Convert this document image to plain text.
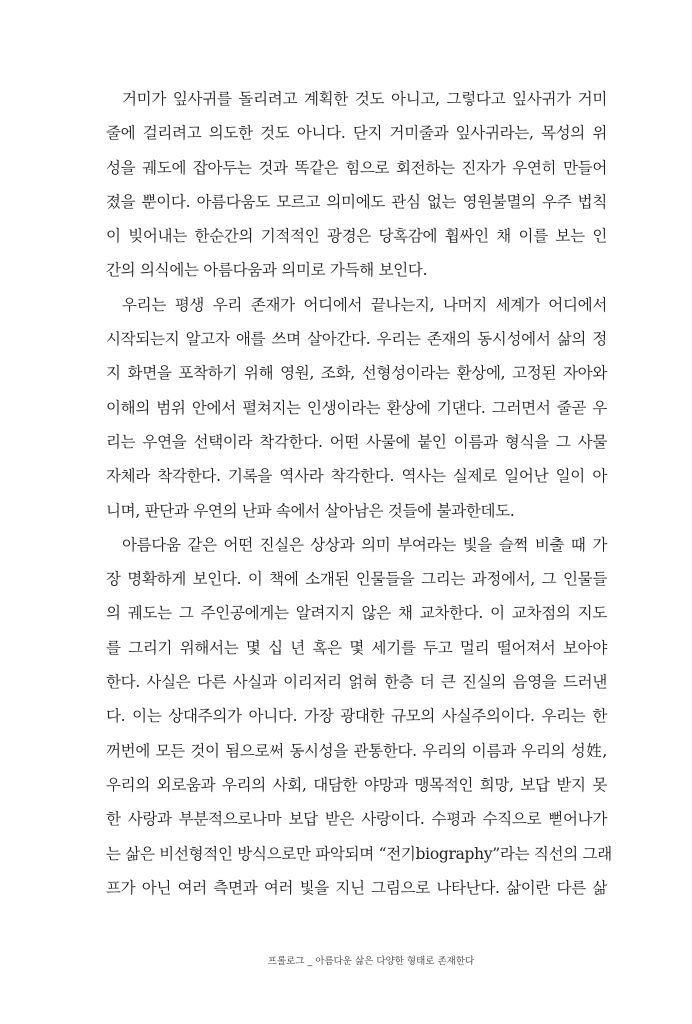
거미가 잎사귀를 돌리려고 계획한 것도 아니고, 그렇다고 잎사귀가 거미
줄에 걸리려고 의도한 것도 아니다. 단지 거미줄과 잎사귀라는, 목성의 위
성을 궤도에 잡아두는 것과 똑같은 힘으로 회전하는 진자가 우연히 만들어
졌을 뿐이다. 아름다움도 모르고 의미에도 관심 없는 영원불멸의 우주 법칙
이 빚어내는 한순간의 기적적인 광경은 당혹감에 휩싸인 채 이를 보는 인
간의 의식에는 아름다움과 의미로 가득해 보인다.
우리는 평생 우리 존재가 어디에서 끝나는지, 나머지 세계가 어디에서
시작되는지 알고자 애를 쓰며 살아간다. 우리는 존재의 동시성에서 삶의 정
지 화면을 포착하기 위해 영원, 조화, 선형성이라는 환상에, 고정된 자아와
이해의 범위 안에서 펼쳐지는 인생이라는 환상에 기댄다. 그러면서 줄곧 우
리는 우연을 선택이라 착각한다. 어떤 사물에 붙인 이름과 형식을 그 사물
자체라 착각한다. 기록을 역사라 착각한다. 역사는 실제로 일어난 일이 아
니며, 판단과 우연의 난파 속에서 살아남은 것들에 불과한데도.
아름다움 같은 어떤 진실은 상상과 의미 부여라는 빛을 슬쩍 비출 때 가
장 명확하게 보인다. 이 책에 소개된 인물들을 그리는 과정에서, 그 인물들
의 궤도는 그 주인공에게는 알려지지 않은 채 교차한다. 이 교차점의 지도
를 그리기 위해서는 몇 십 년 혹은 몇 세기를 두고 멀리 떨어져서 보아야
한다. 사실은 다른 사실과 이리저리 얽혀 한층 더 큰 진실의 음영을 드러낸
다. 이는 상대주의가 아니다. 가장 광대한 규모의 사실주의이다. 우리는 한
꺼번에 모든 것이 됨으로써 동시성을 관통한다. 우리의 이름과 우리의 성姓,
우리의 외로움과 우리의 사회, 대담한 야망과 맹목적인 희망, 보답 받지 못
한 사랑과 부분적으로나마 보답 받은 사랑이다. 수평과 수직으로 뻗어나가
는 삶은 비선형적인 방식으로만 파악되며 “전기biography”라는 직선의 그래
프가 아닌 여러 측면과 여러 빛을 지닌 그림으로 나타난다. 삶이란 다른 삶
프롤로그 _ 아름다운 삶은 다양한 형태로 존재한다
